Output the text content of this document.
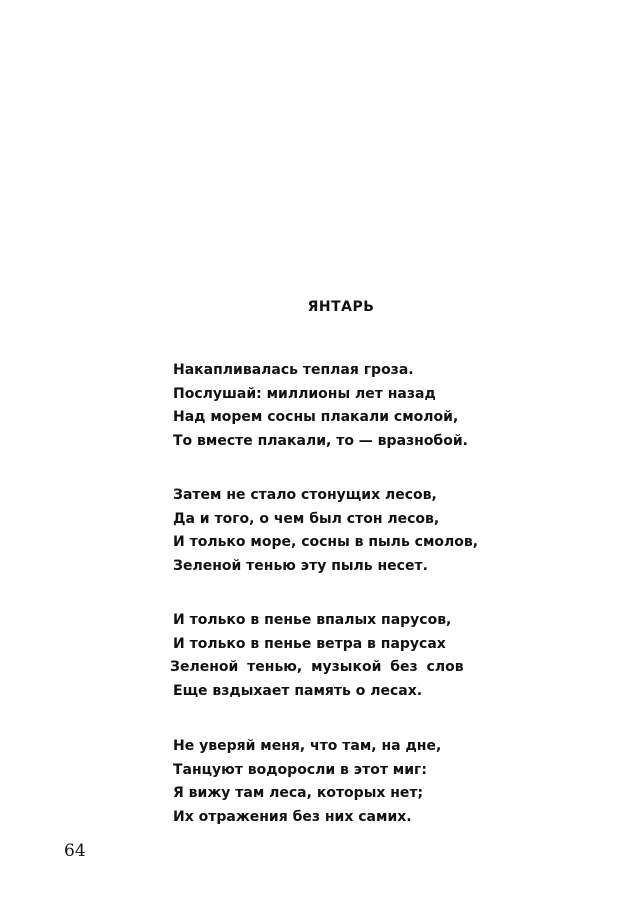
ЯНТАРЬ
Накапливалась теплая гроза.
Послушай: миллионы лет назад
Над морем сосны плакали смолой,
То вместе плакали, то — вразнобой.
Затем не стало стонущих лесов,
Да и того, о чем был стон лесов,
И только море, сосны в пыль смолов,
Зеленой тенью эту пыль несет.
И только в пенье впалых парусов,
И только в пенье ветра в парусах
Зеленой тенью, музыкой без слов
Еще вздыхает память о лесах.
Не уверяй меня, что там, на дне,
Танцуют водоросли в этот миг:
Я вижу там леса, которых нет;
Их отражения без них самих.
64
